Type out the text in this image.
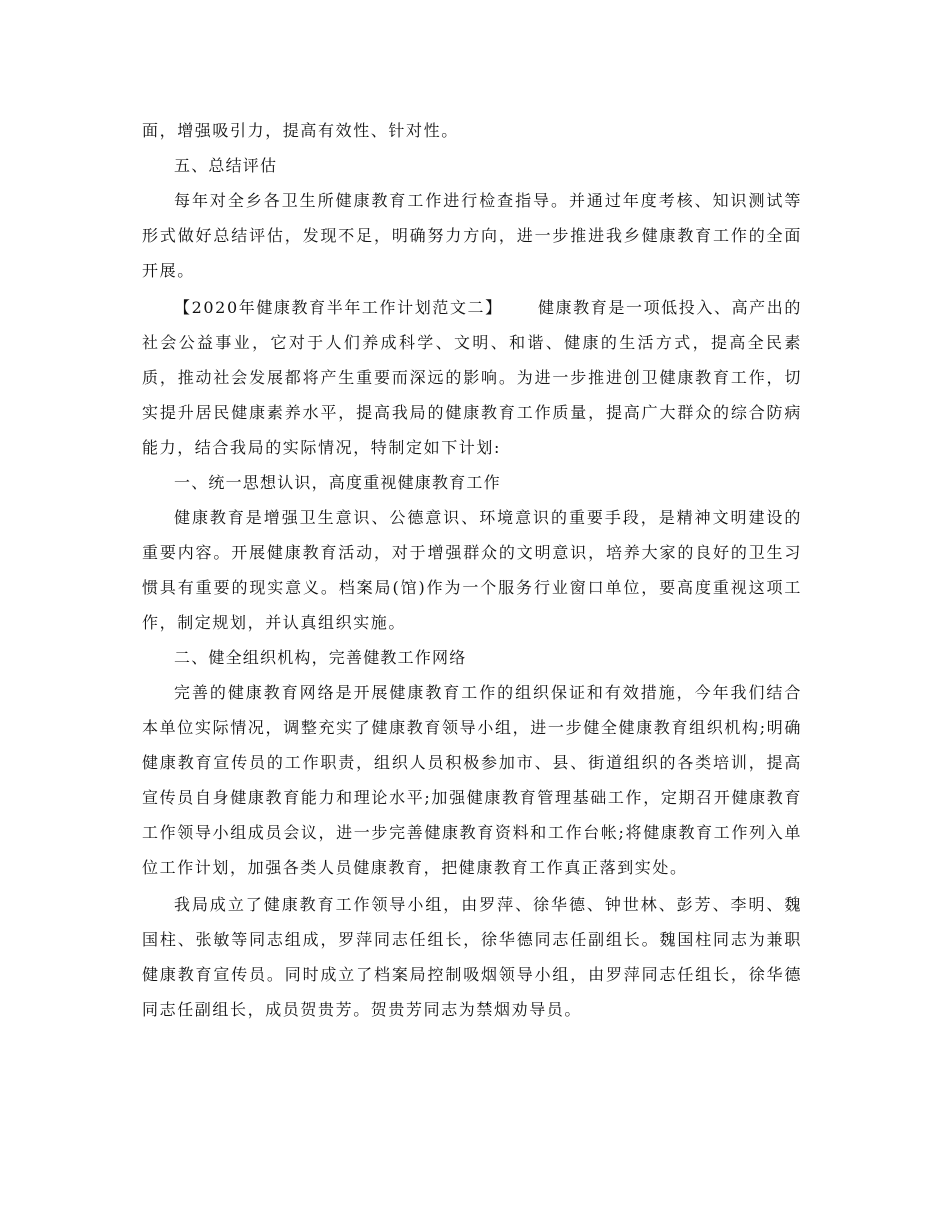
面，增强吸引力，提高有效性、针对性。

五、总结评估

每年对全乡各卫生所健康教育工作进行检查指导。并通过年度考核、知识测试等形式做好总结评估，发现不足，明确努力方向，进一步推进我乡健康教育工作的全面开展。

【2020年健康教育半年工作计划范文二】 健康教育是一项低投入、高产出的社会公益事业，它对于人们养成科学、文明、和谐、健康的生活方式，提高全民素质，推动社会发展都将产生重要而深远的影响。为进一步推进创卫健康教育工作，切实提升居民健康素养水平，提高我局的健康教育工作质量，提高广大群众的综合防病能力，结合我局的实际情况，特制定如下计划:

一、统一思想认识，高度重视健康教育工作

健康教育是增强卫生意识、公德意识、环境意识的重要手段，是精神文明建设的重要内容。开展健康教育活动，对于增强群众的文明意识，培养大家的良好的卫生习惯具有重要的现实意义。档案局(馆)作为一个服务行业窗口单位，要高度重视这项工作，制定规划，并认真组织实施。

二、健全组织机构，完善健教工作网络

完善的健康教育网络是开展健康教育工作的组织保证和有效措施，今年我们结合本单位实际情况，调整充实了健康教育领导小组，进一步健全健康教育组织机构;明确健康教育宣传员的工作职责，组织人员积极参加市、县、街道组织的各类培训，提高宣传员自身健康教育能力和理论水平;加强健康教育管理基础工作，定期召开健康教育工作领导小组成员会议，进一步完善健康教育资料和工作台帐;将健康教育工作列入单位工作计划，加强各类人员健康教育，把健康教育工作真正落到实处。

我局成立了健康教育工作领导小组，由罗萍、徐华德、钟世林、彭芳、李明、魏国柱、张敏等同志组成，罗萍同志任组长，徐华德同志任副组长。魏国柱同志为兼职健康教育宣传员。同时成立了档案局控制吸烟领导小组，由罗萍同志任组长，徐华德同志任副组长，成员贺贵芳。贺贵芳同志为禁烟劝导员。
